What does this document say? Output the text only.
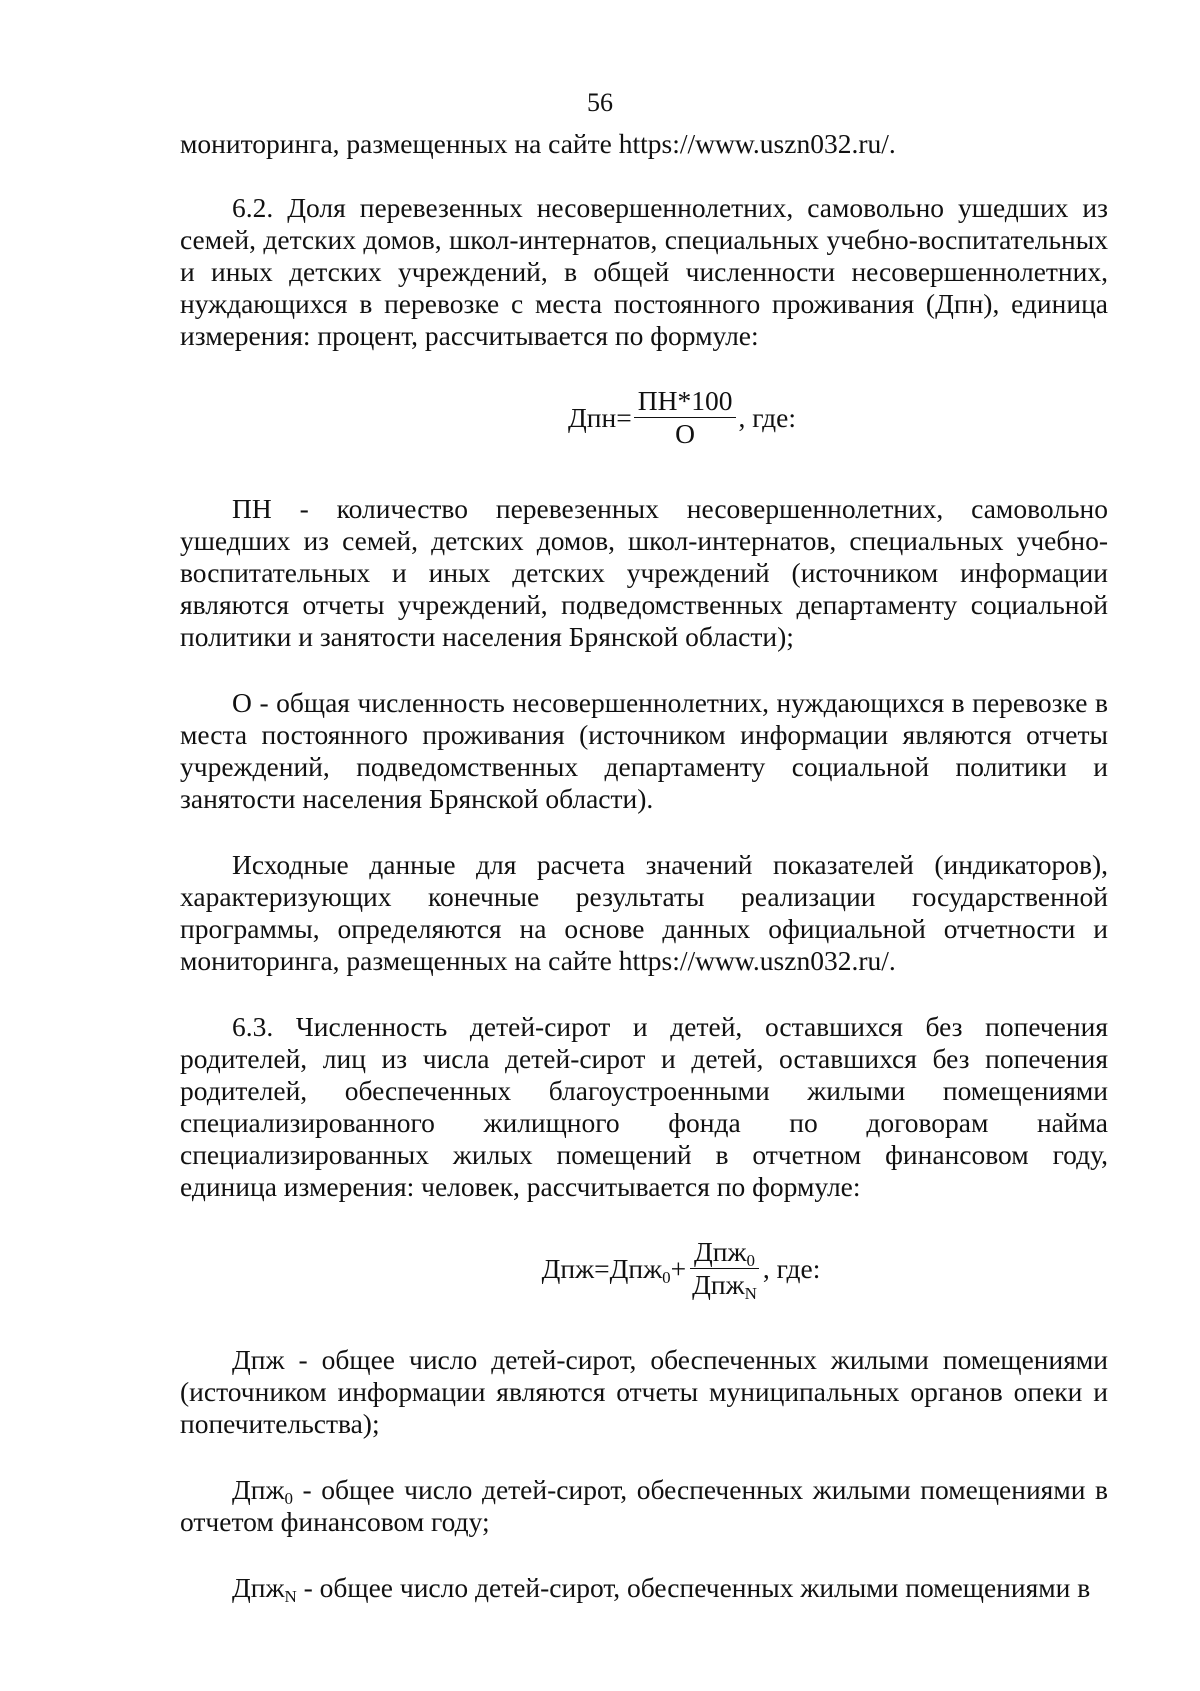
56

мониторинга, размещенных на сайте https://www.uszn032.ru/.

6.2. Доля перевезенных несовершеннолетних, самовольно ушедших из семей, детских домов, школ-интернатов, специальных учебно-воспитательных и иных детских учреждений, в общей численности несовершеннолетних, нуждающихся в перевозке с места постоянного проживания (Дпн), единица измерения: процент, рассчитывается по формуле:

$Дпн= \frac{ПН*100}{О}$ , где:

ПН - количество перевезенных несовершеннолетних, самовольно ушедших из семей, детских домов, школ-интернатов, специальных учебно-воспитательных и иных детских учреждений (источником информации являются отчеты учреждений, подведомственных департаменту социальной политики и занятости населения Брянской области);

О - общая численность несовершеннолетних, нуждающихся в перевозке в места постоянного проживания (источником информации являются отчеты учреждений, подведомственных департаменту социальной политики и занятости населения Брянской области).

Исходные данные для расчета значений показателей (индикаторов), характеризующих конечные результаты реализации государственной программы, определяются на основе данных официальной отчетности и мониторинга, размещенных на сайте https://www.uszn032.ru/.

6.3. Численность детей-сирот и детей, оставшихся без попечения родителей, лиц из числа детей-сирот и детей, оставшихся без попечения родителей, обеспеченных благоустроенными жилыми помещениями специализированного жилищного фонда по договорам найма специализированных жилых помещений в отчетном финансовом году, единица измерения: человек, рассчитывается по формуле:

$Дпж=Дпж_0 + \frac{Дпж_0}{Дпж_N}$ , где:

Дпж - общее число детей-сирот, обеспеченных жилыми помещениями (источником информации являются отчеты муниципальных органов опеки и попечительства);

Дпж$_0$ - общее число детей-сирот, обеспеченных жилыми помещениями в отчетом финансовом году;

Дпж$_N$ - общее число детей-сирот, обеспеченных жилыми помещениями в
